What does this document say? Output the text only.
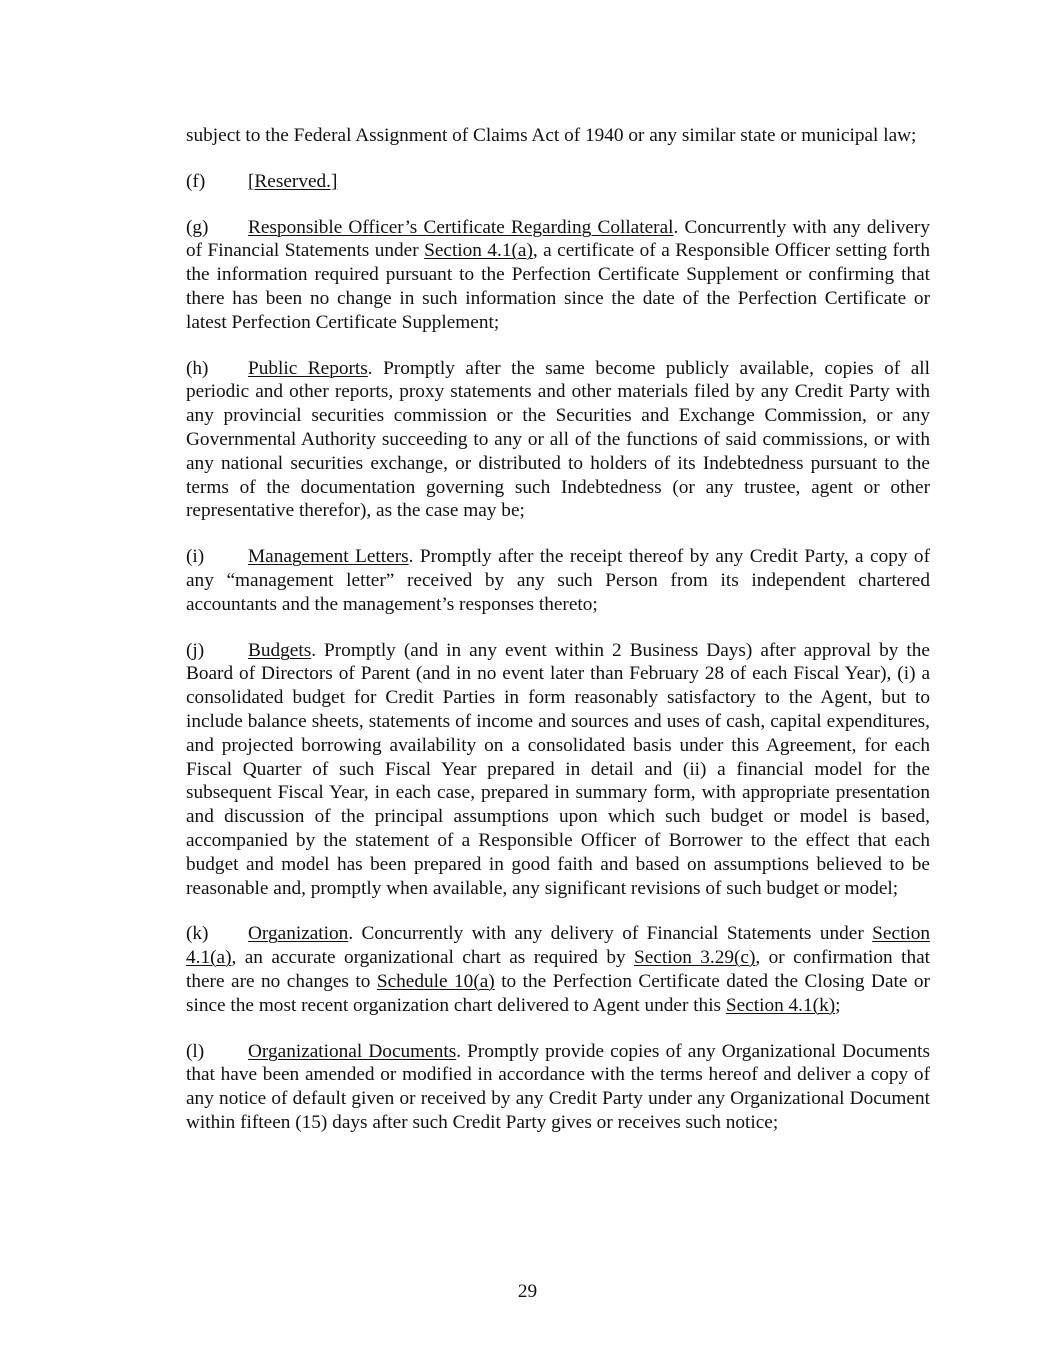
subject to the Federal Assignment of Claims Act of 1940 or any similar state or municipal law;

(f) [Reserved.]

(g) Responsible Officer’s Certificate Regarding Collateral. Concurrently with any delivery of Financial Statements under Section 4.1(a), a certificate of a Responsible Officer setting forth the information required pursuant to the Perfection Certificate Supplement or confirming that there has been no change in such information since the date of the Perfection Certificate or latest Perfection Certificate Supplement;

(h) Public Reports. Promptly after the same become publicly available, copies of all periodic and other reports, proxy statements and other materials filed by any Credit Party with any provincial securities commission or the Securities and Exchange Commission, or any Governmental Authority succeeding to any or all of the functions of said commissions, or with any national securities exchange, or distributed to holders of its Indebtedness pursuant to the terms of the documentation governing such Indebtedness (or any trustee, agent or other representative therefor), as the case may be;

(i) Management Letters. Promptly after the receipt thereof by any Credit Party, a copy of any “management letter” received by any such Person from its independent chartered accountants and the management’s responses thereto;

(j) Budgets. Promptly (and in any event within 2 Business Days) after approval by the Board of Directors of Parent (and in no event later than February 28 of each Fiscal Year), (i) a consolidated budget for Credit Parties in form reasonably satisfactory to the Agent, but to include balance sheets, statements of income and sources and uses of cash, capital expenditures, and projected borrowing availability on a consolidated basis under this Agreement, for each Fiscal Quarter of such Fiscal Year prepared in detail and (ii) a financial model for the subsequent Fiscal Year, in each case, prepared in summary form, with appropriate presentation and discussion of the principal assumptions upon which such budget or model is based, accompanied by the statement of a Responsible Officer of Borrower to the effect that each budget and model has been prepared in good faith and based on assumptions believed to be reasonable and, promptly when available, any significant revisions of such budget or model;

(k) Organization. Concurrently with any delivery of Financial Statements under Section 4.1(a), an accurate organizational chart as required by Section 3.29(c), or confirmation that there are no changes to Schedule 10(a) to the Perfection Certificate dated the Closing Date or since the most recent organization chart delivered to Agent under this Section 4.1(k);

(l) Organizational Documents. Promptly provide copies of any Organizational Documents that have been amended or modified in accordance with the terms hereof and deliver a copy of any notice of default given or received by any Credit Party under any Organizational Document within fifteen (15) days after such Credit Party gives or receives such notice;

29
